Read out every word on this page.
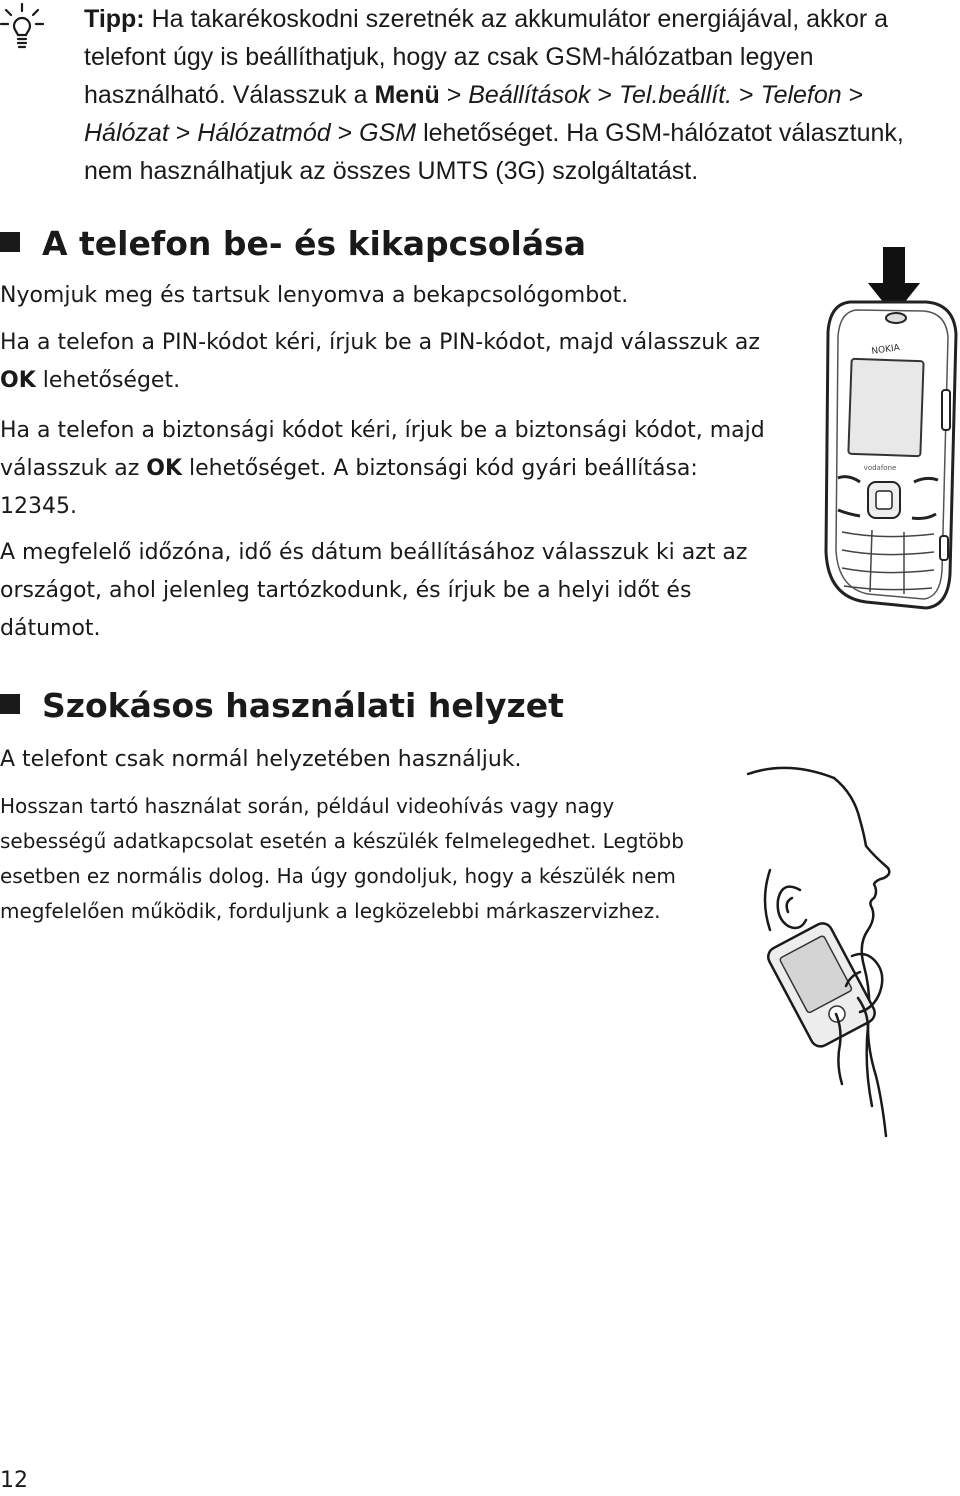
Tipp: Ha takarékoskodni szeretnék az akkumulátor energiájával, akkor a telefont úgy is beállíthatjuk, hogy az csak GSM-hálózatban legyen használható. Válasszuk a Menü > Beállítások > Tel.beállít. > Telefon > Hálózat > Hálózatmód > GSM lehetőséget. Ha GSM-hálózatot választunk, nem használhatjuk az összes UMTS (3G) szolgáltatást.

A telefon be- és kikapcsolása

Nyomjuk meg és tartsuk lenyomva a bekapcsológombot.

Ha a telefon a PIN-kódot kéri, írjuk be a PIN-kódot, majd válasszuk az OK lehetőséget.

Ha a telefon a biztonsági kódot kéri, írjuk be a biztonsági kódot, majd válasszuk az OK lehetőséget. A biztonsági kód gyári beállítása: 12345.

A megfelelő időzóna, idő és dátum beállításához válasszuk ki azt az országot, ahol jelenleg tartózkodunk, és írjuk be a helyi időt és dátumot.

NOKIA
vodafone
Szokásos használati helyzet

A telefont csak normál helyzetében használjuk.

Hosszan tartó használat során, például videohívás vagy nagy sebességű adatkapcsolat esetén a készülék felmelegedhet. Legtöbb esetben ez normális dolog. Ha úgy gondoljuk, hogy a készülék nem megfelelően működik, forduljunk a legközelebbi márkaszervizhez.

12
